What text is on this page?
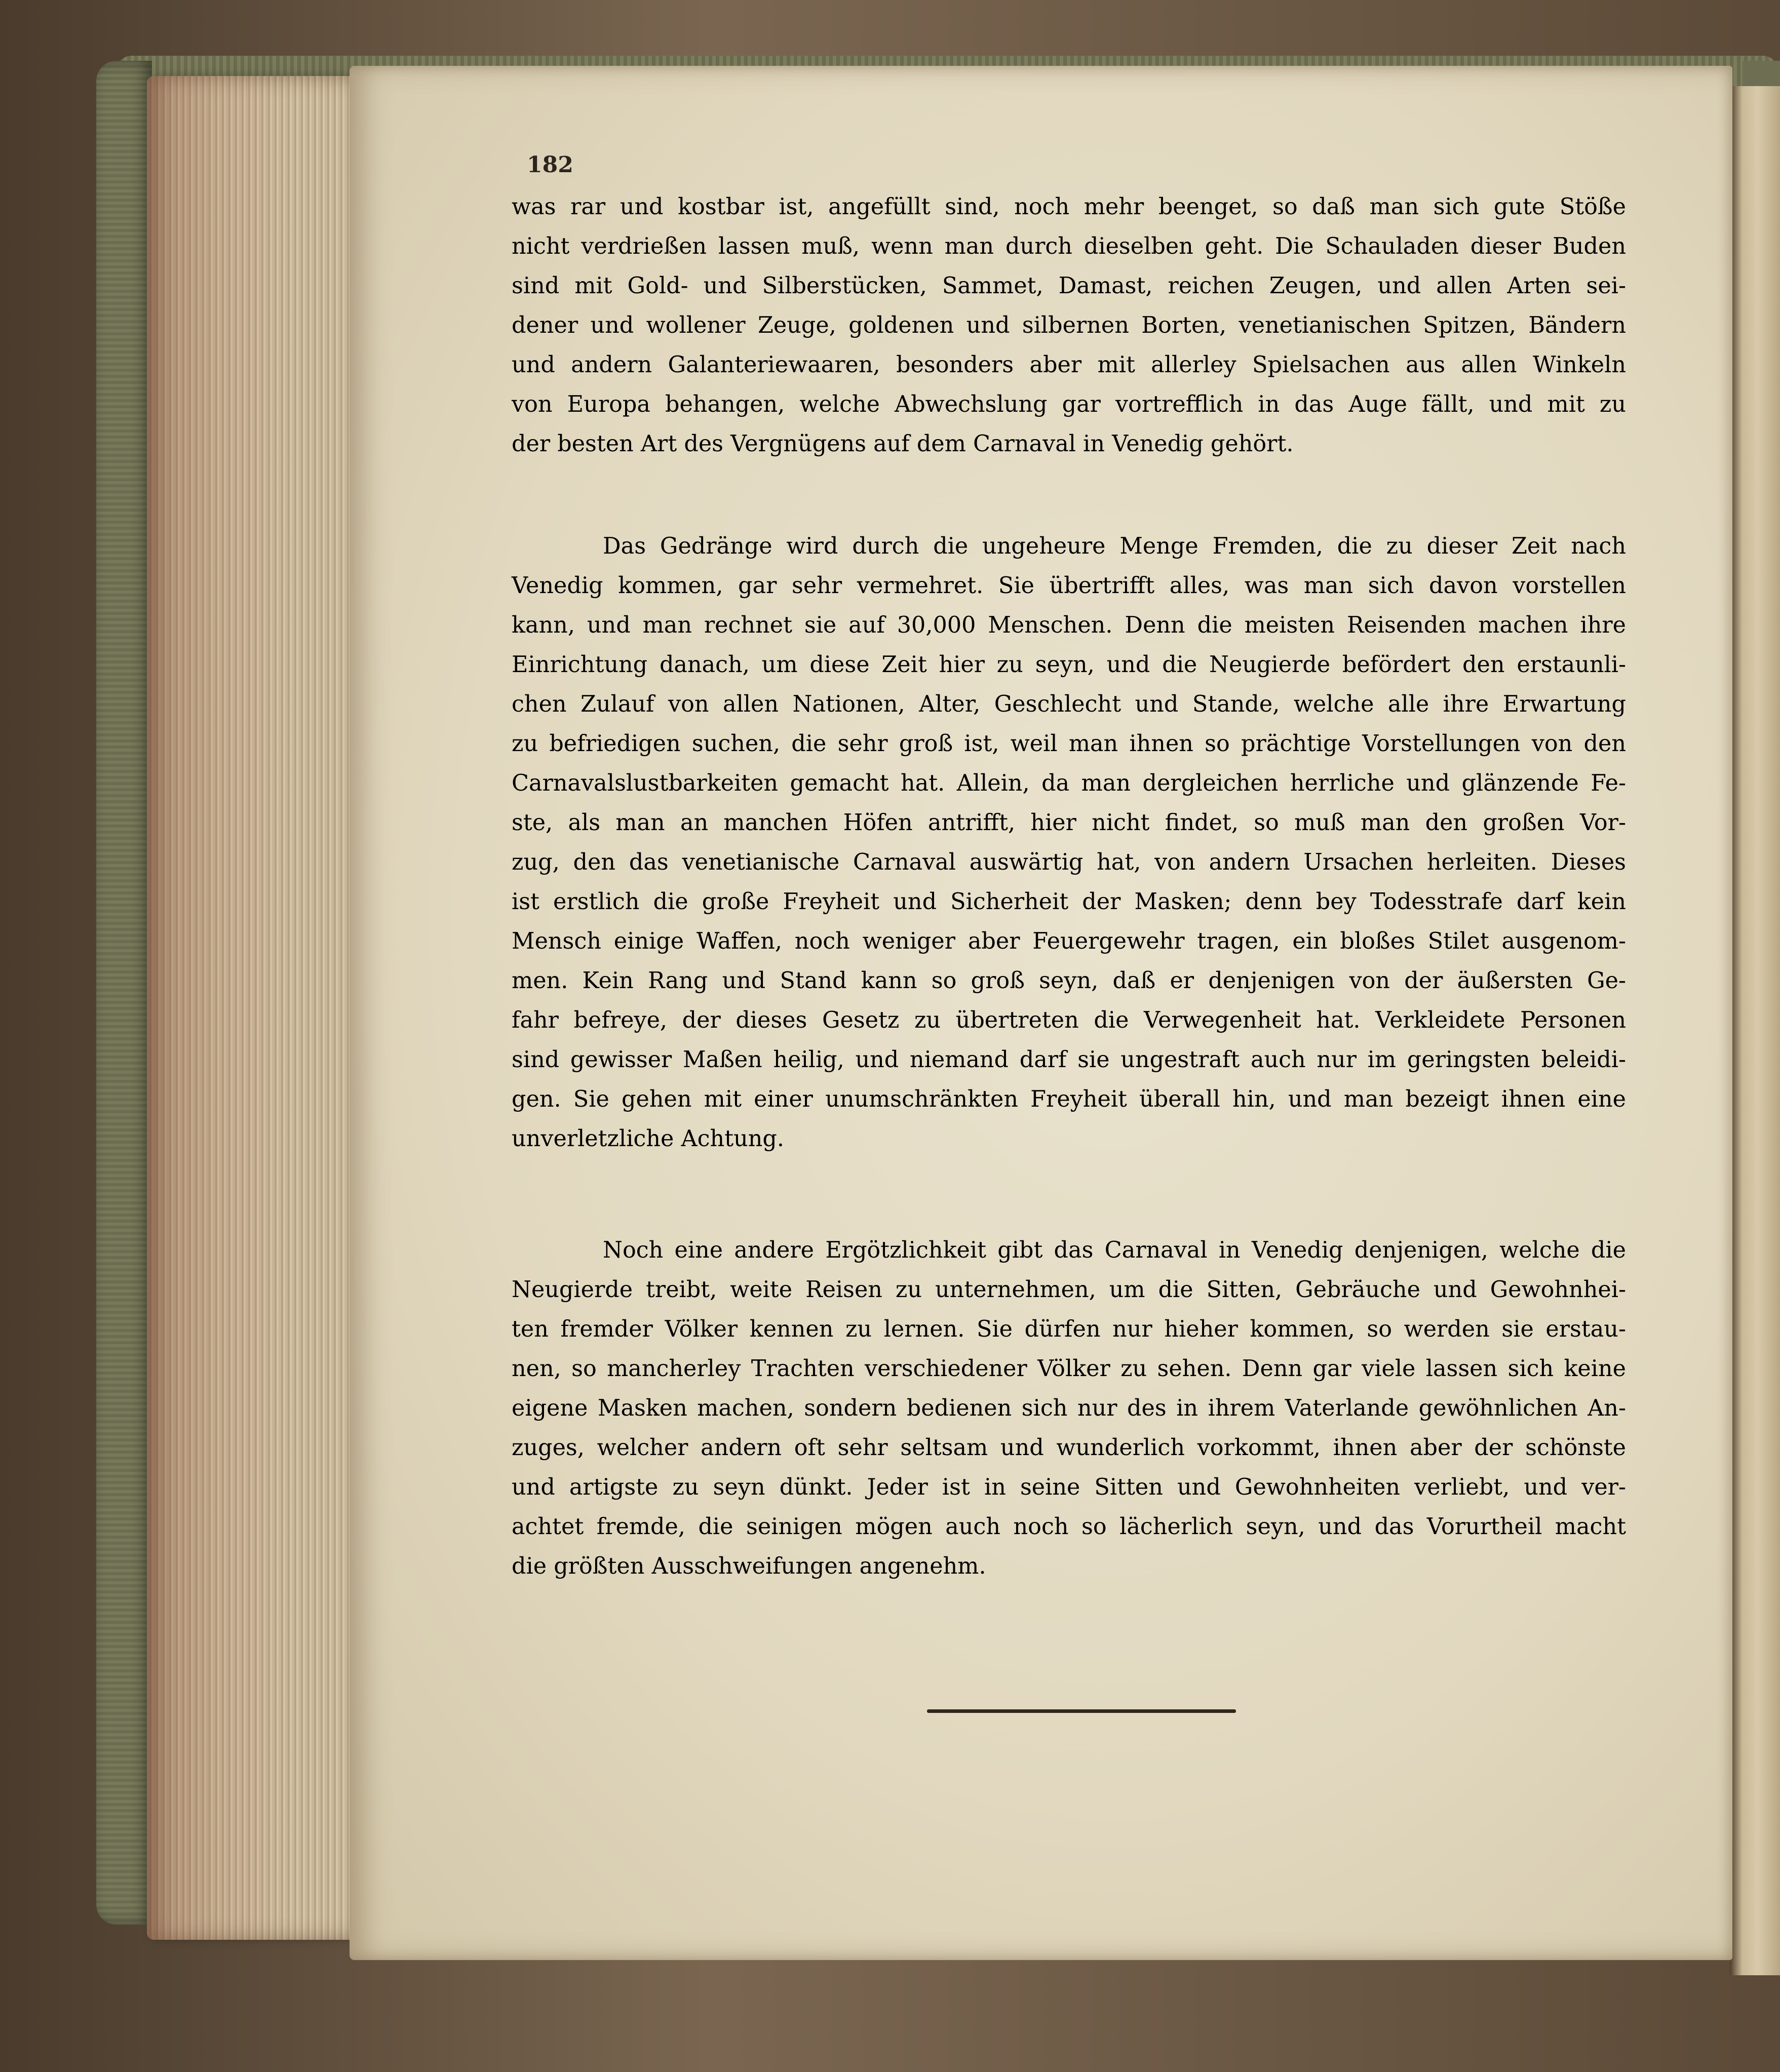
182
was rar und kostbar ist, angefüllt sind, noch mehr beenget, so daß man sich gute Stöße
nicht verdrießen lassen muß, wenn man durch dieselben geht. Die Schauladen dieser Buden
sind mit Gold- und Silberstücken, Sammet, Damast, reichen Zeugen, und allen Arten sei-
dener und wollener Zeuge, goldenen und silbernen Borten, venetianischen Spitzen, Bändern
und andern Galanteriewaaren, besonders aber mit allerley Spielsachen aus allen Winkeln
von Europa behangen, welche Abwechslung gar vortrefflich in das Auge fällt, und mit zu
der besten Art des Vergnügens auf dem Carnaval in Venedig gehört.
Das Gedränge wird durch die ungeheure Menge Fremden, die zu dieser Zeit nach
Venedig kommen, gar sehr vermehret. Sie übertrifft alles, was man sich davon vorstellen
kann, und man rechnet sie auf 30,000 Menschen. Denn die meisten Reisenden machen ihre
Einrichtung danach, um diese Zeit hier zu seyn, und die Neugierde befördert den erstaunli-
chen Zulauf von allen Nationen, Alter, Geschlecht und Stande, welche alle ihre Erwartung
zu befriedigen suchen, die sehr groß ist, weil man ihnen so prächtige Vorstellungen von den
Carnavalslustbarkeiten gemacht hat. Allein, da man dergleichen herrliche und glänzende Fe-
ste, als man an manchen Höfen antrifft, hier nicht findet, so muß man den großen Vor-
zug, den das venetianische Carnaval auswärtig hat, von andern Ursachen herleiten. Dieses
ist erstlich die große Freyheit und Sicherheit der Masken; denn bey Todesstrafe darf kein
Mensch einige Waffen, noch weniger aber Feuergewehr tragen, ein bloßes Stilet ausgenom-
men. Kein Rang und Stand kann so groß seyn, daß er denjenigen von der äußersten Ge-
fahr befreye, der dieses Gesetz zu übertreten die Verwegenheit hat. Verkleidete Personen
sind gewisser Maßen heilig, und niemand darf sie ungestraft auch nur im geringsten beleidi-
gen. Sie gehen mit einer unumschränkten Freyheit überall hin, und man bezeigt ihnen eine
unverletzliche Achtung.
Noch eine andere Ergötzlichkeit gibt das Carnaval in Venedig denjenigen, welche die
Neugierde treibt, weite Reisen zu unternehmen, um die Sitten, Gebräuche und Gewohnhei-
ten fremder Völker kennen zu lernen. Sie dürfen nur hieher kommen, so werden sie erstau-
nen, so mancherley Trachten verschiedener Völker zu sehen. Denn gar viele lassen sich keine
eigene Masken machen, sondern bedienen sich nur des in ihrem Vaterlande gewöhnlichen An-
zuges, welcher andern oft sehr seltsam und wunderlich vorkommt, ihnen aber der schönste
und artigste zu seyn dünkt. Jeder ist in seine Sitten und Gewohnheiten verliebt, und ver-
achtet fremde, die seinigen mögen auch noch so lächerlich seyn, und das Vorurtheil macht
die größten Ausschweifungen angenehm.
